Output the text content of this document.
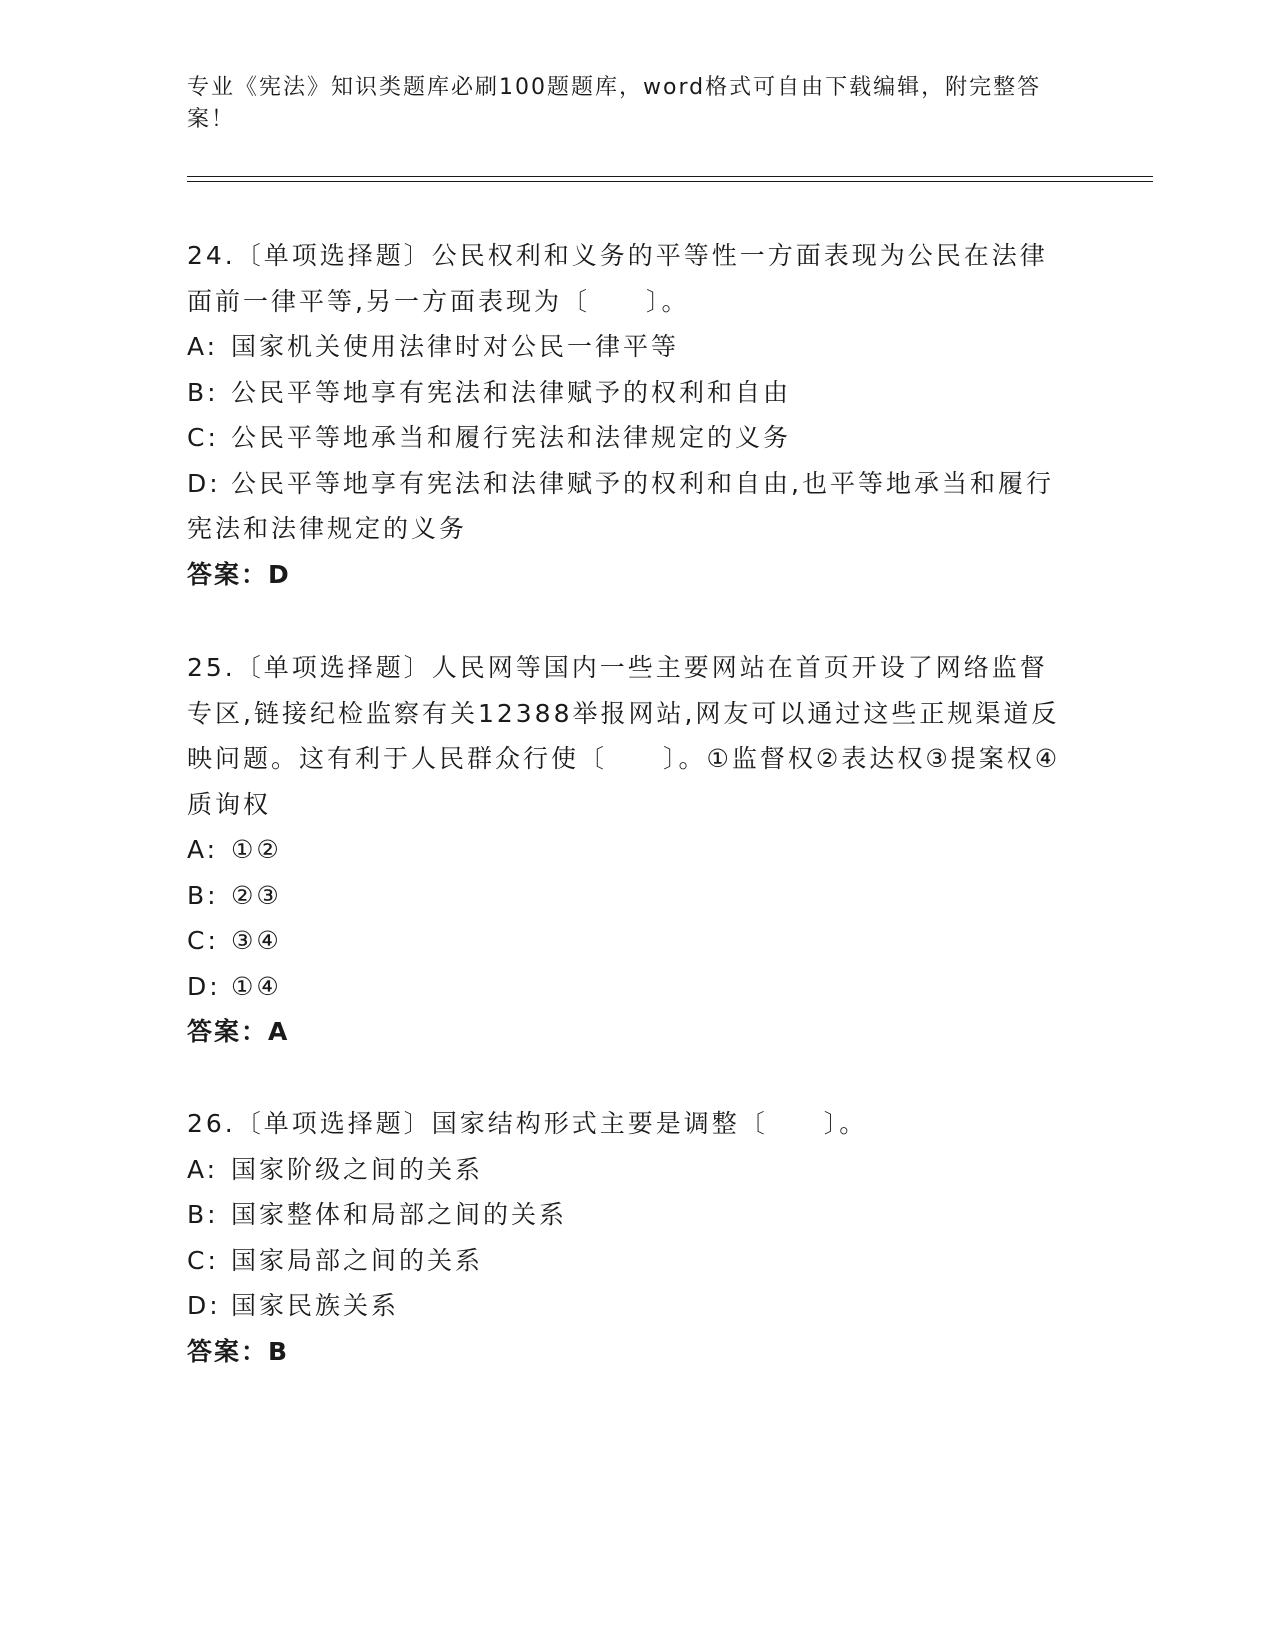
专业《宪法》知识类题库必刷100题题库，word格式可自由下载编辑，附完整答案！
24.〔单项选择题〕公民权利和义务的平等性一方面表现为公民在法律面前一律平等,另一方面表现为〔　　〕。
A: 国家机关使用法律时对公民一律平等
B: 公民平等地享有宪法和法律赋予的权利和自由
C: 公民平等地承当和履行宪法和法律规定的义务
D: 公民平等地享有宪法和法律赋予的权利和自由,也平等地承当和履行宪法和法律规定的义务
答案：D
25.〔单项选择题〕人民网等国内一些主要网站在首页开设了网络监督专区,链接纪检监察有关12388举报网站,网友可以通过这些正规渠道反映问题。这有利于人民群众行使〔　　〕。①监督权②表达权③提案权④质询权
A: ①②
B: ②③
C: ③④
D: ①④
答案：A
26.〔单项选择题〕国家结构形式主要是调整〔　　〕。
A: 国家阶级之间的关系
B: 国家整体和局部之间的关系
C: 国家局部之间的关系
D: 国家民族关系
答案：B
